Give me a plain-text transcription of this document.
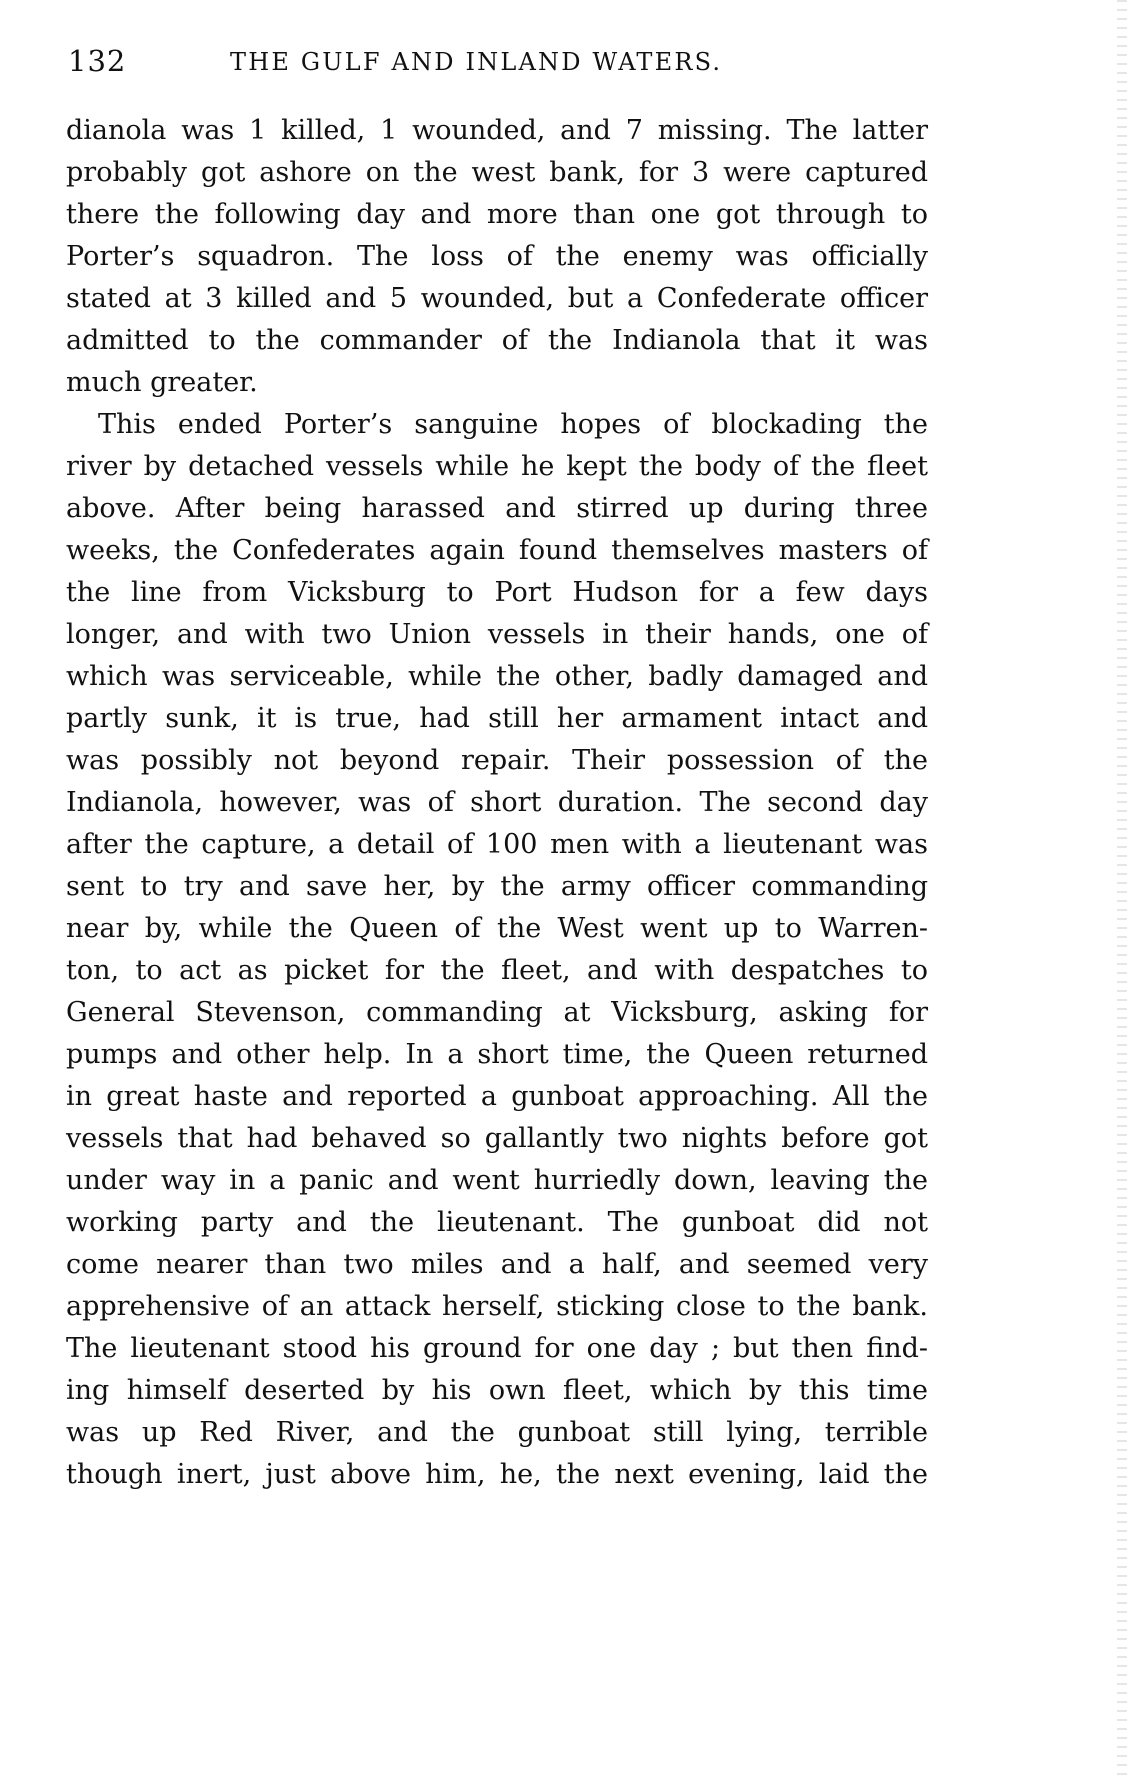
132	THE GULF AND INLAND WATERS.
dianola was 1 killed, 1 wounded, and 7 missing. The latter
probably got ashore on the west bank, for 3 were captured
there the following day and more than one got through to
Porter’s squadron. The loss of the enemy was officially
stated at 3 killed and 5 wounded, but a Confederate officer
admitted to the commander of the Indianola that it was
much greater.
This ended Porter’s sanguine hopes of blockading the
river by detached vessels while he kept the body of the fleet
above. After being harassed and stirred up during three
weeks, the Confederates again found themselves masters of
the line from Vicksburg to Port Hudson for a few days
longer, and with two Union vessels in their hands, one of
which was serviceable, while the other, badly damaged and
partly sunk, it is true, had still her armament intact and
was possibly not beyond repair. Their possession of the
Indianola, however, was of short duration. The second day
after the capture, a detail of 100 men with a lieutenant was
sent to try and save her, by the army officer commanding
near by, while the Queen of the West went up to Warren-
ton, to act as picket for the fleet, and with despatches to
General Stevenson, commanding at Vicksburg, asking for
pumps and other help. In a short time, the Queen returned
in great haste and reported a gunboat approaching. All the
vessels that had behaved so gallantly two nights before got
under way in a panic and went hurriedly down, leaving the
working party and the lieutenant. The gunboat did not
come nearer than two miles and a half, and seemed very
apprehensive of an attack herself, sticking close to the bank.
The lieutenant stood his ground for one day ; but then find-
ing himself deserted by his own fleet, which by this time
was up Red River, and the gunboat still lying, terrible
though inert, just above him, he, the next evening, laid the
